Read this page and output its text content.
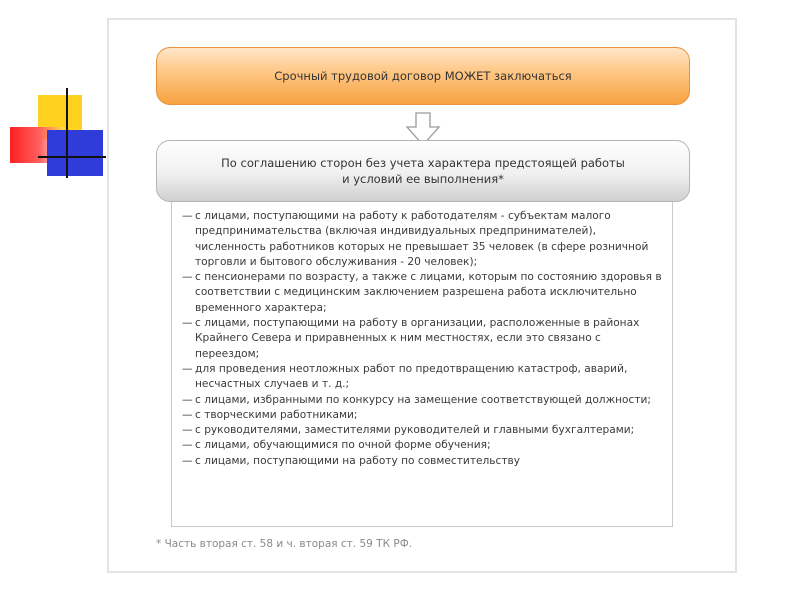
Срочный трудовой договор МОЖЕТ заключаться
По соглашению сторон без учета характера предстоящей работы
и условий ее выполнения*
— с лицами, поступающими на работу к работодателям - субъектам малого предпринимательства (включая индивидуальных предпринимателей), численность работников которых не превышает 35 человек (в сфере розничной торговли и бытового обслуживания - 20 человек);
— с пенсионерами по возрасту, а также с лицами, которым по состоянию здоровья в соответствии с медицинским заключением разрешена работа исключительно временного характера;
— с лицами, поступающими на работу в организации, расположенные в районах Крайнего Севера и приравненных к ним местностях, если это связано с переездом;
— для проведения неотложных работ по предотвращению катастроф, аварий, несчастных случаев и т. д.;
— с лицами, избранными по конкурсу на замещение соответствующей должности;
— с творческими работниками;
— с руководителями, заместителями руководителей и главными бухгалтерами;
— с лицами, обучающимися по очной форме обучения;
— с лицами, поступающими на работу по совместительству
* Часть вторая ст. 58 и ч. вторая ст. 59 ТК РФ.
